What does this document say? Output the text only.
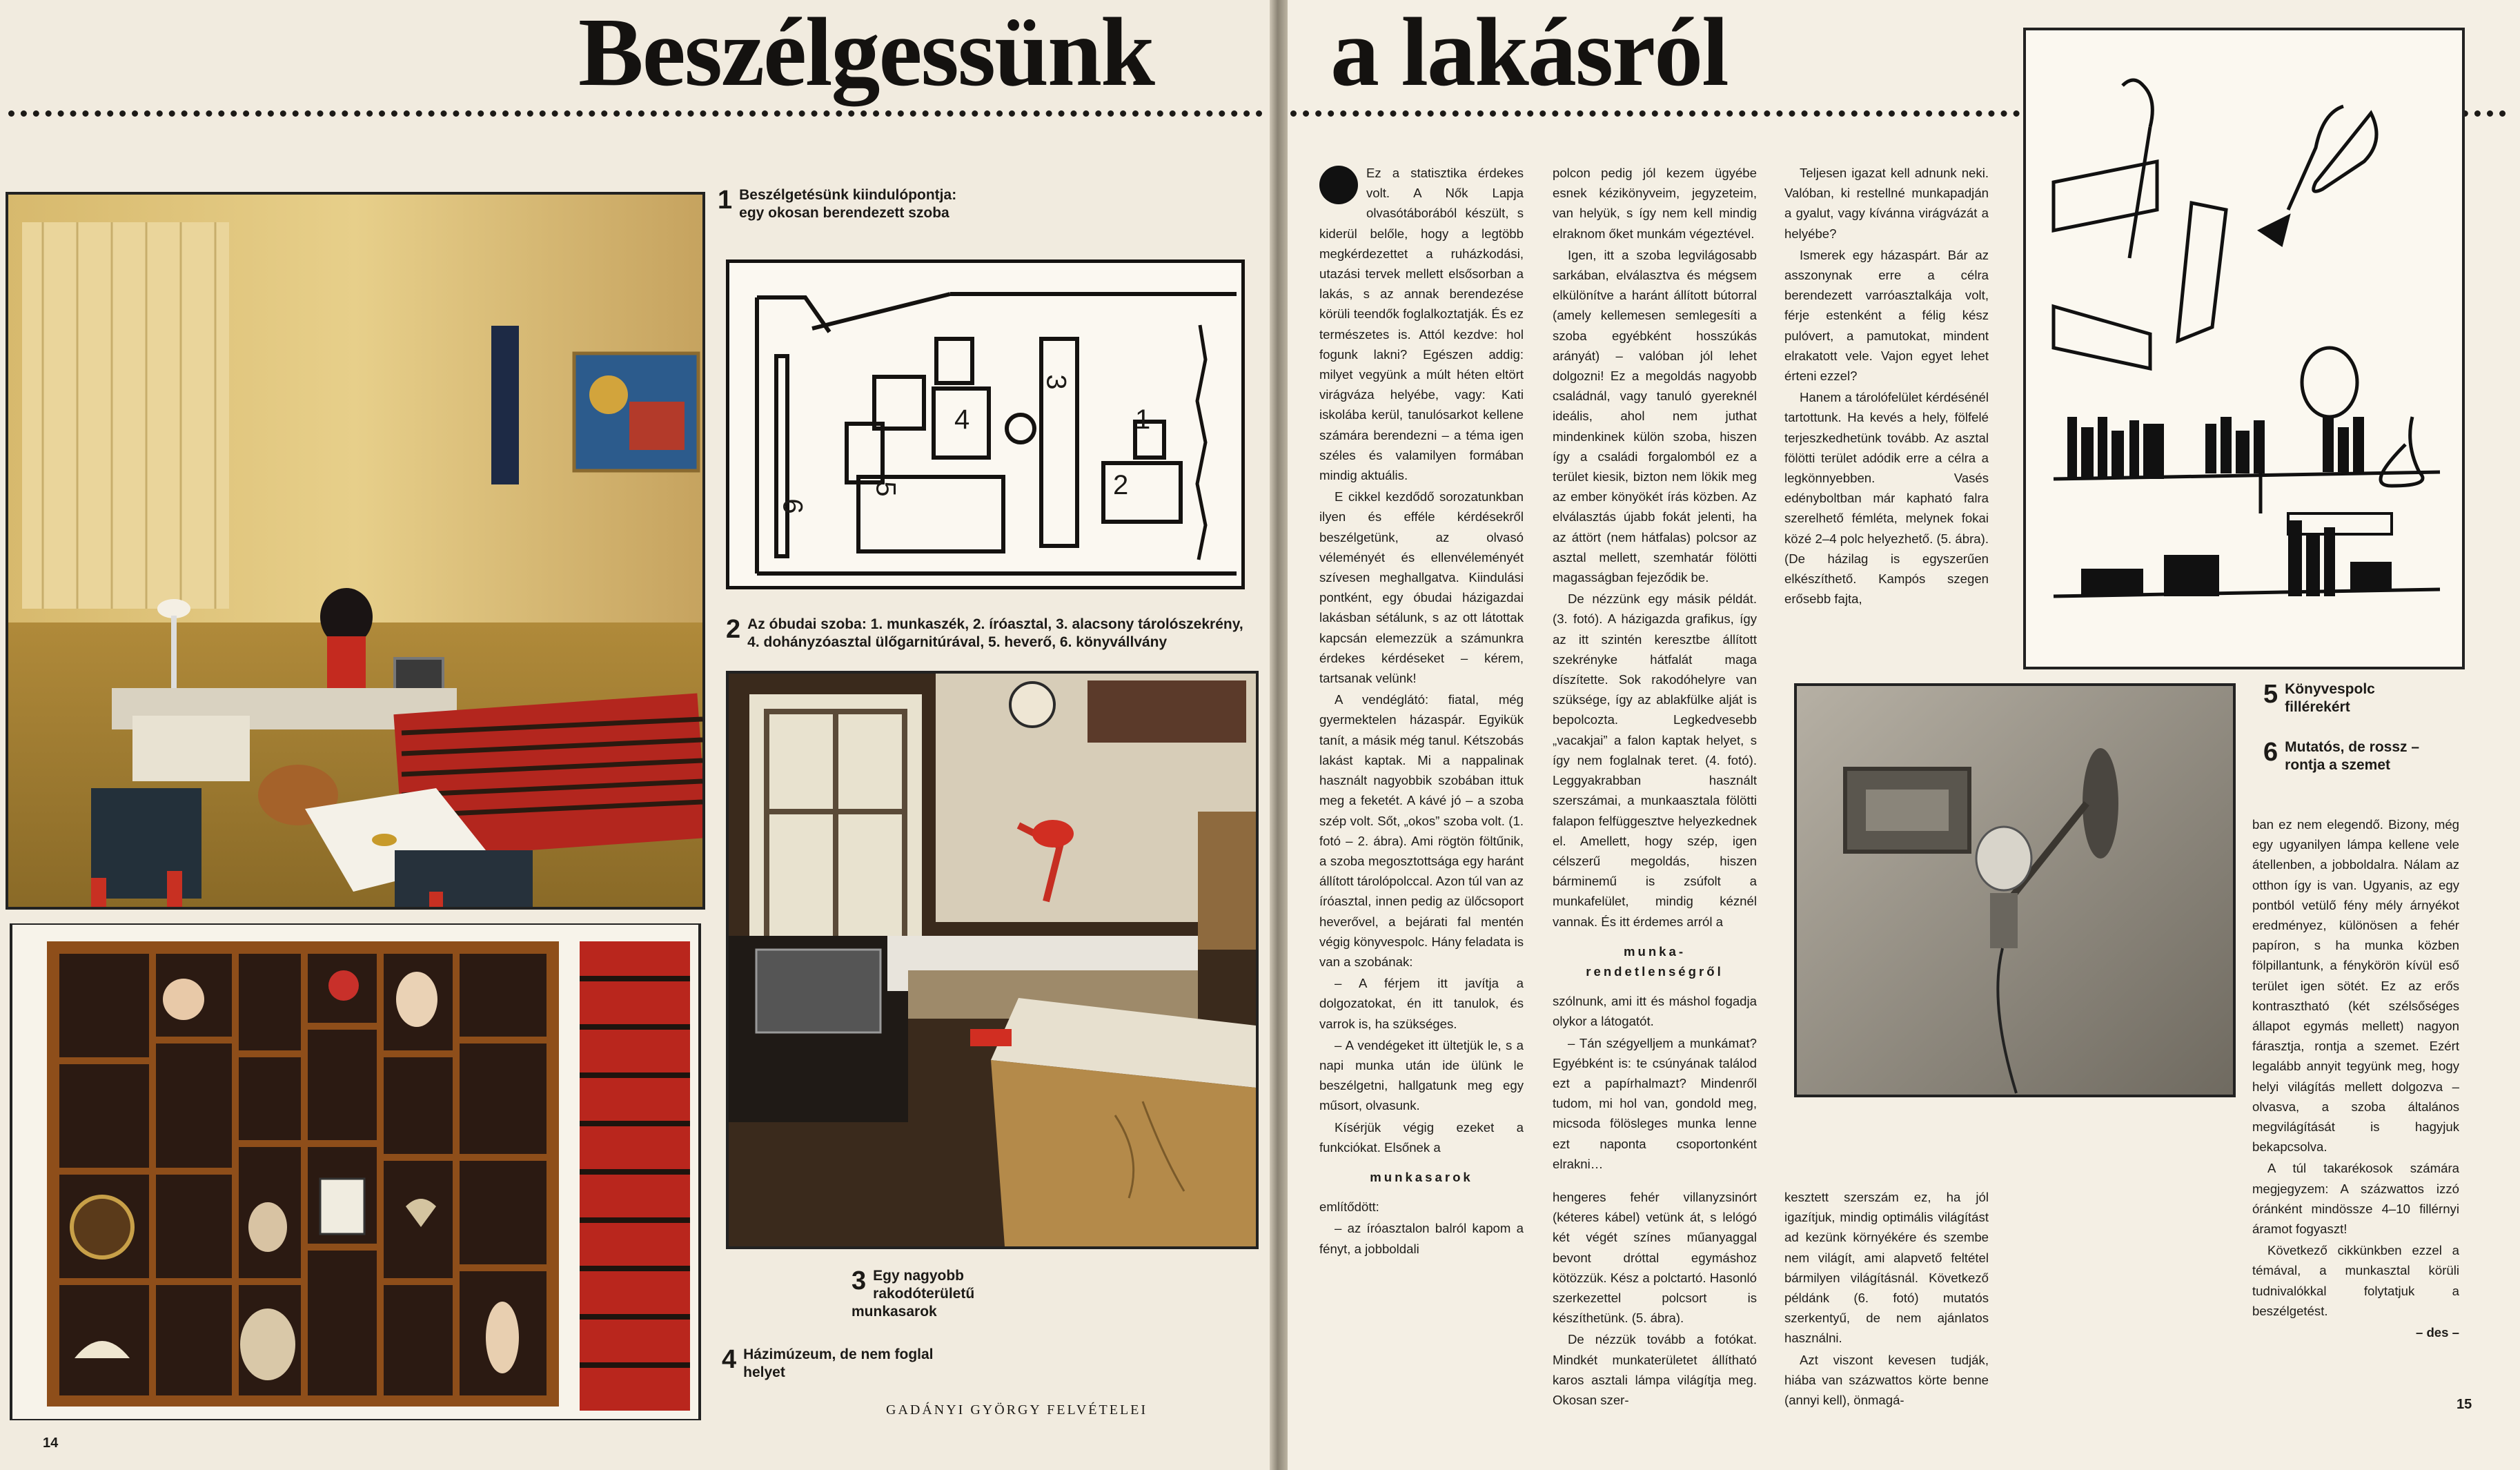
Beszélgessünk a lakásról
1 Beszélgetésünk kiindulópontja: egy okosan berendezett szoba
1
2
3
4
5
6
2 Az óbudai szoba: 1. munkaszék, 2. íróasztal, 3. alacsony tárolószekrény, 4. dohányzóasztal ülőgarnitúrával, 5. heverő, 6. könyvállvány
3 Egy nagyobb rakodóterületű munkasarok
4 Házimúzeum, de nem foglal helyet
GADÁNYI GYÖRGY FELVÉTELEI
14

Ez a statisztika érdekes volt. A Nők Lapja olvasótáborából készült, s kiderül belőle, hogy a legtöbb megkérdezettet a ruházkodási, utazási tervek mellett elsősorban a lakás, s az annak berendezése körüli teendők foglalkoztatják. És ez természetes is. Attól kezdve: hol fogunk lakni? Egészen addig: milyet vegyünk a múlt héten eltört virágváza helyébe, vagy: Kati iskolába kerül, tanulósarkot kellene számára berendezni – a téma igen széles és valamilyen formában mindig aktuális.

E cikkel kezdődő sorozatunkban ilyen és efféle kérdésekről beszélgetünk, az olvasó véleményét és ellenvéleményét szívesen meghallgatva. Kiindulási pontként, egy óbudai házigazdai lakásban sétálunk, s az ott látottak kapcsán elemezzük a számunkra érdekes kérdéseket – kérem, tartsanak velünk!

A vendéglátó: fiatal, még gyermektelen házaspár. Egyikük tanít, a másik még tanul. Kétszobás lakást kaptak. Mi a nappalinak használt nagyobbik szobában ittuk meg a feketét. A kávé jó – a szoba szép volt. Sőt, „okos” szoba volt. (1. fotó – 2. ábra). Ami rögtön föltűnik, a szoba megosztottsága egy haránt állított tárolópolccal. Azon túl van az íróasztal, innen pedig az ülőcsoport heverővel, a bejárati fal mentén végig könyvespolc. Hány feladata is van a szobának:

– A férjem itt javítja a dolgozatokat, én itt tanulok, és varrok is, ha szükséges.

– A vendégeket itt ültetjük le, s a napi munka után ide ülünk le beszélgetni, hallgatunk meg egy műsort, olvasunk.

Kísérjük végig ezeket a funkciókat. Elsőnek a

munkasarok

említődött:

– az íróasztalon balról kapom a fényt, a jobboldali

polcon pedig jól kezem ügyébe esnek kézikönyveim, jegyzeteim, van helyük, s így nem kell mindig elraknom őket munkám végeztével.

Igen, itt a szoba legvilágosabb sarkában, elválasztva és mégsem elkülönítve a haránt állított bútorral (amely kellemesen semlegesíti a szoba egyébként hosszúkás arányát) – valóban jól lehet dolgozni! Ez a megoldás nagyobb családnál, vagy tanuló gyereknél ideális, ahol nem juthat mindenkinek külön szoba, hiszen így a családi forgalomból ez a terület kiesik, bizton nem lökik meg az ember könyökét írás közben. Az elválasztás újabb fokát jelenti, ha az áttört (nem hátfalas) polcsor az asztal mellett, szemhatár fölötti magasságban fejeződik be.

De nézzünk egy másik példát. (3. fotó). A házigazda grafikus, így az itt szintén keresztbe állított szekrényke hátfalát maga díszítette. Sok rakodóhelyre van szüksége, így az ablakfülke alját is bepolcozta. Legkedvesebb „vacakjai” a falon kaptak helyet, s így nem foglalnak teret. (4. fotó). Leggyakrabban használt szerszámai, a munkaasztala fölötti falapon felfüggesztve helyezkednek el. Amellett, hogy szép, igen célszerű megoldás, hiszen bárminemű is zsúfolt a munkafelület, mindig kéznél vannak. És itt érdemes arról a

munka-

rendetlenségről

szólnunk, ami itt és máshol fogadja olykor a látogatót.

– Tán szégyelljem a munkámat? Egyébként is: te csúnyának találod ezt a papírhalmazt? Mindenről tudom, mi hol van, gondold meg, micsoda fölösleges munka lenne ezt naponta csoportonként elrakni…

Teljesen igazat kell adnunk neki. Valóban, ki restellné munkapadján a gyalut, vagy kívánna virágvázát a helyébe?

Ismerek egy házaspárt. Bár az asszonynak erre a célra berendezett varróasztalkája volt, férje estenként a félig kész pulóvert, a pamutokat, mindent elrakatott vele. Vajon egyet lehet érteni ezzel?

Hanem a tárolófelület kérdésénél tartottunk. Ha kevés a hely, fölfelé terjeszkedhetünk tovább. Az asztal fölötti terület adódik erre a célra a legkönnyebben. Vasés edényboltban már kapható falra szerelhető fémléta, melynek fokai közé 2–4 polc helyezhető. (5. ábra). (De házilag is egyszerűen elkészíthető. Kampós szegen erősebb fajta,

5 Könyvespolc fillérekért
6 Mutatós, de rossz – rontja a szemet

hengeres fehér villanyzsinórt (kéteres kábel) vetünk át, s lelógó két végét színes műanyaggal bevont dróttal egymáshoz kötözzük. Kész a polctartó. Hasonló szerkezettel polcsort is készíthetünk. (5. ábra).

De nézzük tovább a fotókat. Mindkét munkaterületet állítható karos asztali lámpa világítja meg. Okosan szer-

kesztett szerszám ez, ha jól igazítjuk, mindig optimális világítást ad kezünk környékére és szembe nem világít, ami alapvető feltétel bármilyen világításnál. Következő példánk (6. fotó) mutatós szerkentyű, de nem ajánlatos használni.

Azt viszont kevesen tudják, hiába van százwattos körte benne (annyi kell), önmagá-

ban ez nem elegendő. Bizony, még egy ugyanilyen lámpa kellene vele átellenben, a jobboldalra. Nálam az otthon így is van. Ugyanis, az egy pontból vetülő fény mély árnyékot eredményez, különösen a fehér papíron, s ha munka közben fölpillantunk, a fénykörön kívül eső terület igen sötét. Ez az erős kontrasztható (két szélsőséges állapot egymás mellett) nagyon fárasztja, rontja a szemet. Ezért legalább annyit tegyünk meg, hogy helyi világítás mellett dolgozva – olvasva, a szoba általános megvilágítását is hagyjuk bekapcsolva.

A túl takarékosok számára megjegyzem: A százwattos izzó óránként mindössze 4–10 fillérnyi áramot fogyaszt!

Következő cikkünkben ezzel a témával, a munkasztal körüli tudnivalókkal folytatjuk a beszélgetést.

– des –

15
